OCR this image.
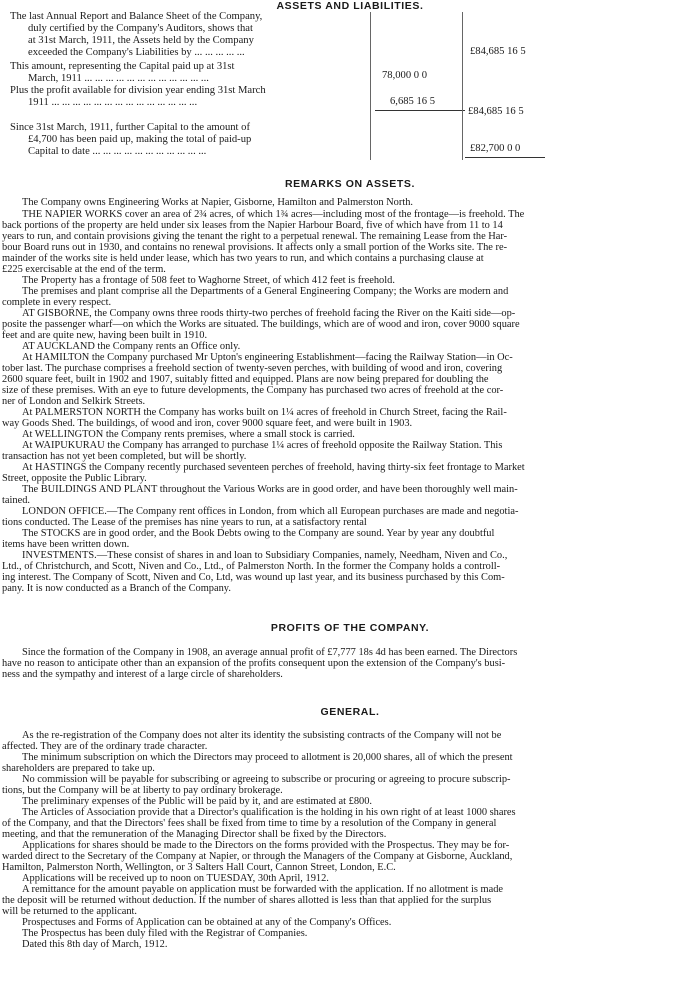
ASSETS AND LIABILITIES.
The last Annual Report and Balance Sheet of the Company,
duly certified by the Company's Auditors, shows that
at 31st March, 1911, the Assets held by the Company
exceeded the Company's Liabilities by ... ... ... ... ...	£84,685 16 5
This amount, representing the Capital paid up at 31st
March, 1911 ... ... ... ... ... ... ... ... ... ... ... ...	78,000 0 0
Plus the profit available for division year ending 31st March
1911 ... ... ... ... ... ... ... ... ... ... ... ... ... ...	6,685 16 5
£84,685 16 5
Since 31st March, 1911, further Capital to the amount of
£4,700 has been paid up, making the total of paid-up
Capital to date ... ... ... ... ... ... ... ... ... ... ...	£82,700 0 0
REMARKS ON ASSETS.
The Company owns Engineering Works at Napier, Gisborne, Hamilton and Palmerston North.
THE NAPIER WORKS cover an area of 2¾ acres, of which 1¾ acres—including most of the frontage—is freehold. The
back portions of the property are held under six leases from the Napier Harbour Board, five of which have from 11 to 14
years to run, and contain provisions giving the tenant the right to a perpetual renewal. The remaining Lease from the Har-
bour Board runs out in 1930, and contains no renewal provisions. It affects only a small portion of the Works site. The re-
mainder of the works site is held under lease, which has two years to run, and which contains a purchasing clause at
£225 exercisable at the end of the term.
The Property has a frontage of 508 feet to Waghorne Street, of which 412 feet is freehold.
The premises and plant comprise all the Departments of a General Engineering Company; the Works are modern and
complete in every respect.
AT GISBORNE, the Company owns three roods thirty-two perches of freehold facing the River on the Kaiti side—op-
posite the passenger wharf—on which the Works are situated. The buildings, which are of wood and iron, cover 9000 square
feet and are quite new, having been built in 1910.
AT AUCKLAND the Company rents an Office only.
At HAMILTON the Company purchased Mr Upton's engineering Establishment—facing the Railway Station—in Oc-
tober last. The purchase comprises a freehold section of twenty-seven perches, with building of wood and iron, covering
2600 square feet, built in 1902 and 1907, suitably fitted and equipped. Plans are now being prepared for doubling the
size of these premises. With an eye to future developments, the Company has purchased two acres of freehold at the cor-
ner of London and Selkirk Streets.
At PALMERSTON NORTH the Company has works built on 1¼ acres of freehold in Church Street, facing the Rail-
way Goods Shed. The buildings, of wood and iron, cover 9000 square feet, and were built in 1903.
At WELLINGTON the Company rents premises, where a small stock is carried.
At WAIPUKURAU the Company has arranged to purchase 1¼ acres of freehold opposite the Railway Station. This
transaction has not yet been completed, but will be shortly.
At HASTINGS the Company recently purchased seventeen perches of freehold, having thirty-six feet frontage to Market
Street, opposite the Public Library.
The BUILDINGS AND PLANT throughout the Various Works are in good order, and have been thoroughly well main-
tained.
LONDON OFFICE.—The Company rent offices in London, from which all European purchases are made and negotia-
tions conducted. The Lease of the premises has nine years to run, at a satisfactory rental
The STOCKS are in good order, and the Book Debts owing to the Company are sound. Year by year any doubtful
items have been written down.
INVESTMENTS.—These consist of shares in and loan to Subsidiary Companies, namely, Needham, Niven and Co.,
Ltd., of Christchurch, and Scott, Niven and Co., Ltd., of Palmerston North. In the former the Company holds a controll-
ing interest. The Company of Scott, Niven and Co, Ltd, was wound up last year, and its business purchased by this Com-
pany. It is now conducted as a Branch of the Company.
PROFITS OF THE COMPANY.
Since the formation of the Company in 1908, an average annual profit of £7,777 18s 4d has been earned. The Directors
have no reason to anticipate other than an expansion of the profits consequent upon the extension of the Company's busi-
ness and the sympathy and interest of a large circle of shareholders.
GENERAL.
As the re-registration of the Company does not alter its identity the subsisting contracts of the Company will not be
affected. They are of the ordinary trade character.
The minimum subscription on which the Directors may proceed to allotment is 20,000 shares, all of which the present
shareholders are prepared to take up.
No commission will be payable for subscribing or agreeing to subscribe or procuring or agreeing to procure subscrip-
tions, but the Company will be at liberty to pay ordinary brokerage.
The preliminary expenses of the Public will be paid by it, and are estimated at £800.
The Articles of Association provide that a Director's qualification is the holding in his own right of at least 1000 shares
of the Company, and that the Directors' fees shall be fixed from time to time by a resolution of the Company in general
meeting, and that the remuneration of the Managing Director shall be fixed by the Directors.
Applications for shares should be made to the Directors on the forms provided with the Prospectus. They may be for-
warded direct to the Secretary of the Company at Napier, or through the Managers of the Company at Gisborne, Auckland,
Hamilton, Palmerston North, Wellington, or 3 Salters Hall Court, Cannon Street, London, E.C.
Applications will be received up to noon on TUESDAY, 30th April, 1912.
A remittance for the amount payable on application must be forwarded with the application. If no allotment is made
the deposit will be returned without deduction. If the number of shares allotted is less than that applied for the surplus
will be returned to the applicant.
Prospectuses and Forms of Application can be obtained at any of the Company's Offices.
The Prospectus has been duly filed with the Registrar of Companies.
Dated this 8th day of March, 1912.
